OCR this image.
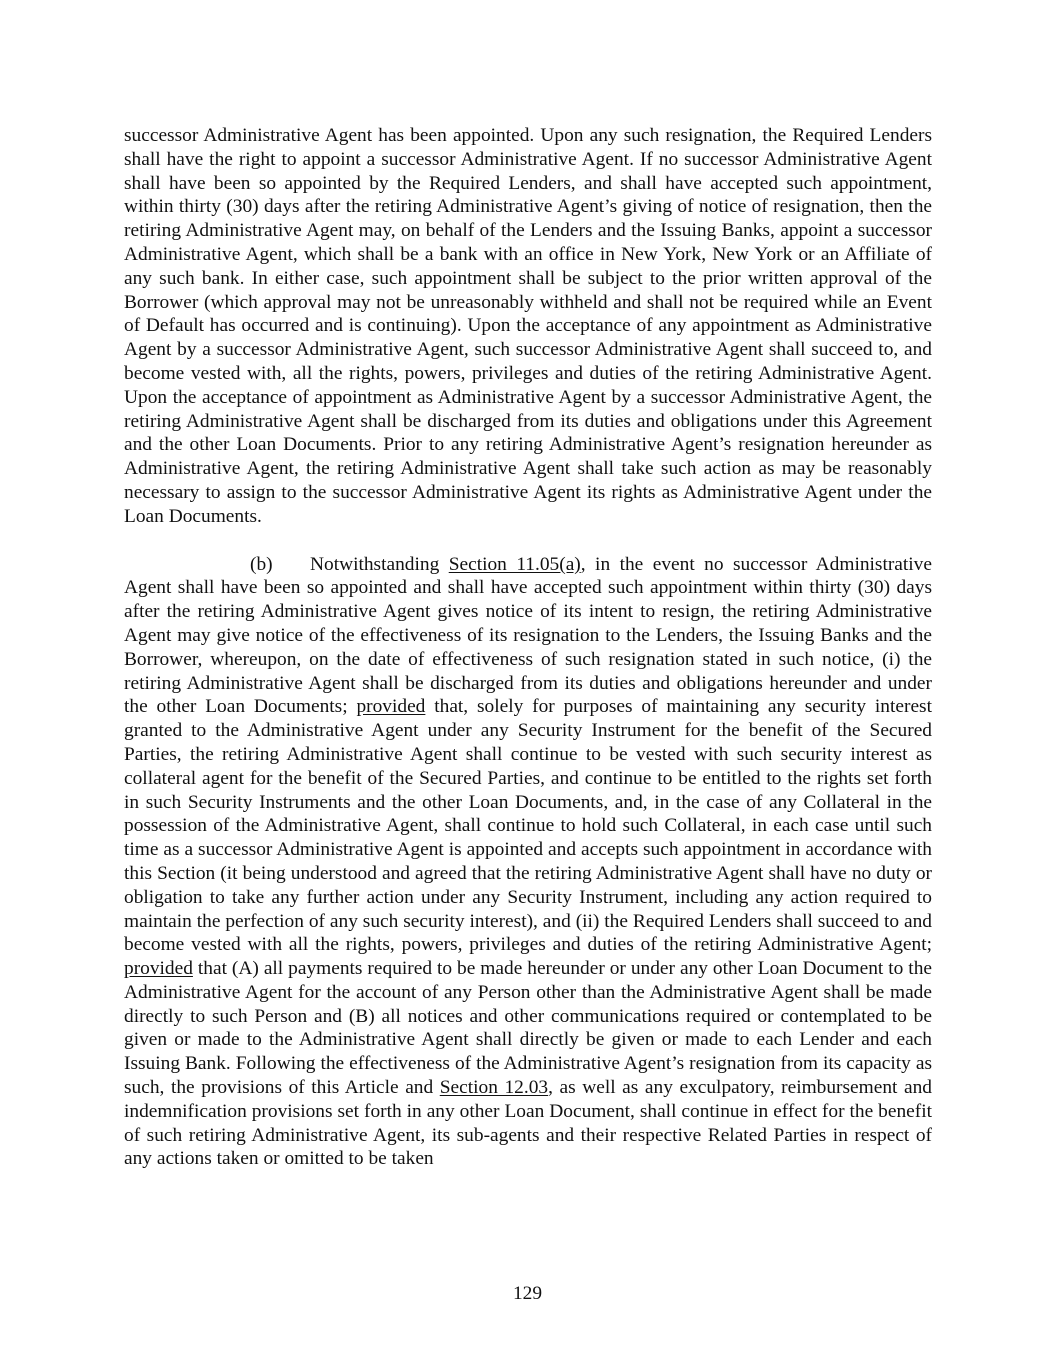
successor Administrative Agent has been appointed. Upon any such resignation, the Required Lenders shall have the right to appoint a successor Administrative Agent. If no successor Administrative Agent shall have been so appointed by the Required Lenders, and shall have accepted such appointment, within thirty (30) days after the retiring Administrative Agent’s giving of notice of resignation, then the retiring Administrative Agent may, on behalf of the Lenders and the Issuing Banks, appoint a successor Administrative Agent, which shall be a bank with an office in New York, New York or an Affiliate of any such bank. In either case, such appointment shall be subject to the prior written approval of the Borrower (which approval may not be unreasonably withheld and shall not be required while an Event of Default has occurred and is continuing). Upon the acceptance of any appointment as Administrative Agent by a successor Administrative Agent, such successor Administrative Agent shall succeed to, and become vested with, all the rights, powers, privileges and duties of the retiring Administrative Agent. Upon the acceptance of appointment as Administrative Agent by a successor Administrative Agent, the retiring Administrative Agent shall be discharged from its duties and obligations under this Agreement and the other Loan Documents. Prior to any retiring Administrative Agent’s resignation hereunder as Administrative Agent, the retiring Administrative Agent shall take such action as may be reasonably necessary to assign to the successor Administrative Agent its rights as Administrative Agent under the Loan Documents.

(b) Notwithstanding Section 11.05(a), in the event no successor Administrative Agent shall have been so appointed and shall have accepted such appointment within thirty (30) days after the retiring Administrative Agent gives notice of its intent to resign, the retiring Administrative Agent may give notice of the effectiveness of its resignation to the Lenders, the Issuing Banks and the Borrower, whereupon, on the date of effectiveness of such resignation stated in such notice, (i) the retiring Administrative Agent shall be discharged from its duties and obligations hereunder and under the other Loan Documents; provided that, solely for purposes of maintaining any security interest granted to the Administrative Agent under any Security Instrument for the benefit of the Secured Parties, the retiring Administrative Agent shall continue to be vested with such security interest as collateral agent for the benefit of the Secured Parties, and continue to be entitled to the rights set forth in such Security Instruments and the other Loan Documents, and, in the case of any Collateral in the possession of the Administrative Agent, shall continue to hold such Collateral, in each case until such time as a successor Administrative Agent is appointed and accepts such appointment in accordance with this Section (it being understood and agreed that the retiring Administrative Agent shall have no duty or obligation to take any further action under any Security Instrument, including any action required to maintain the perfection of any such security interest), and (ii) the Required Lenders shall succeed to and become vested with all the rights, powers, privileges and duties of the retiring Administrative Agent; provided that (A) all payments required to be made hereunder or under any other Loan Document to the Administrative Agent for the account of any Person other than the Administrative Agent shall be made directly to such Person and (B) all notices and other communications required or contemplated to be given or made to the Administrative Agent shall directly be given or made to each Lender and each Issuing Bank. Following the effectiveness of the Administrative Agent’s resignation from its capacity as such, the provisions of this Article and Section 12.03, as well as any exculpatory, reimbursement and indemnification provisions set forth in any other Loan Document, shall continue in effect for the benefit of such retiring Administrative Agent, its sub-agents and their respective Related Parties in respect of any actions taken or omitted to be taken

129
